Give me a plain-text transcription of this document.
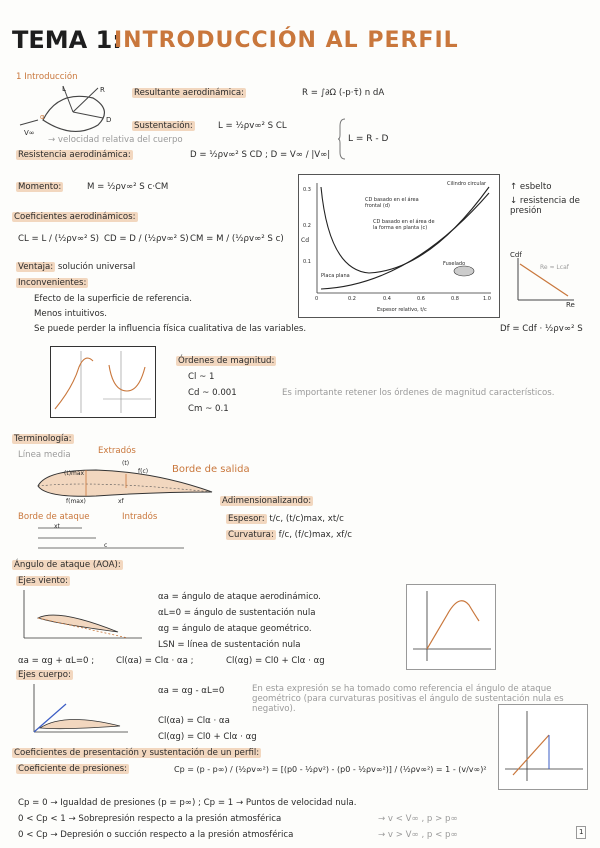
TEMA 1:
INTRODUCCIÓN AL PERFIL
1 Introducción
L	R
D
α
V∞
Resultante aerodinámica:	R = ∫∂Ω (-p·τ̄) n dA
Sustentación:	L = ½ρv∞² S CL
→ velocidad relativa del cuerpo
Resistencia aerodinámica:	D = ½ρv∞² S CD ; D = V∞ / |V∞|
L = R - D
Momento:	M = ½ρv∞² S c·CM
Coeficientes aerodinámicos:
CL = L / (½ρv∞² S) CD = D / (½ρv∞² S) CM = M / (½ρv∞² S c)
Ventaja: solución universal
Inconvenientes:
Efecto de la superficie de referencia.
Menos intuitivos.
Se puede perder la influencia física cualitativa de las variables.
Cd
0.3
0.2
0.1
0	0.2	0.4	0.6	0.8	1.0
Espesor relativo, t/c
Cilindro circular
CD basado en el área frontal (d)
CD basado en el área de la forma en planta (c)
Placa plana
Fuselado
↑ esbelto
↓ resistencia de presión
Cdf
Re
Re ≈ Lcaf
Df = Cdf · ½ρv∞² S
Órdenes de magnitud:
Cl ~ 1
Cd ~ 0.001
Cm ~ 0.1
Es importante retener los órdenes de magnitud característicos.
Terminología:
Línea media	Extradós
Borde de salida
(t)max
f(max)
(t)
f(c)
xf
Borde de ataque	Intradós
xt
c
Adimensionalizando:
Espesor: t/c, (t/c)max, xt/c
Curvatura: f/c, (f/c)max, xf/c
Ángulo de ataque (AOA):
Ejes viento:
αa = ángulo de ataque aerodinámico.
αL=0 = ángulo de sustentación nula
αg = ángulo de ataque geométrico.
LSN = línea de sustentación nula
αa = αg + αL=0 ;	Cl(αa) = Clα · αa ;	Cl(αg) = Cl0 + Clα · αg
Ejes cuerpo:
αa = αg - αL=0	En esta expresión se ha tomado como referencia el ángulo de ataque geométrico (para curvaturas positivas el ángulo de sustentación nula es negativo).
Cl(αa) = Clα · αa
Cl(αg) = Cl0 + Clα · αg
Coeficientes de presentación y sustentación de un perfil:
Coeficiente de presiones:	Cp = (p - p∞) / (½ρv∞²) = [(p0 - ½ρv²) - (p0 - ½ρv∞²)] / (½ρv∞²) = 1 - (v/v∞)²
Cp = 0 → Igualdad de presiones (p = p∞) ; Cp = 1 → Puntos de velocidad nula.
0 < Cp < 1 → Sobrepresión respecto a la presión atmosférica	→ v < V∞ , p > p∞
0 < Cp → Depresión o succión respecto a la presión atmosférica	→ v > V∞ , p < p∞	1
